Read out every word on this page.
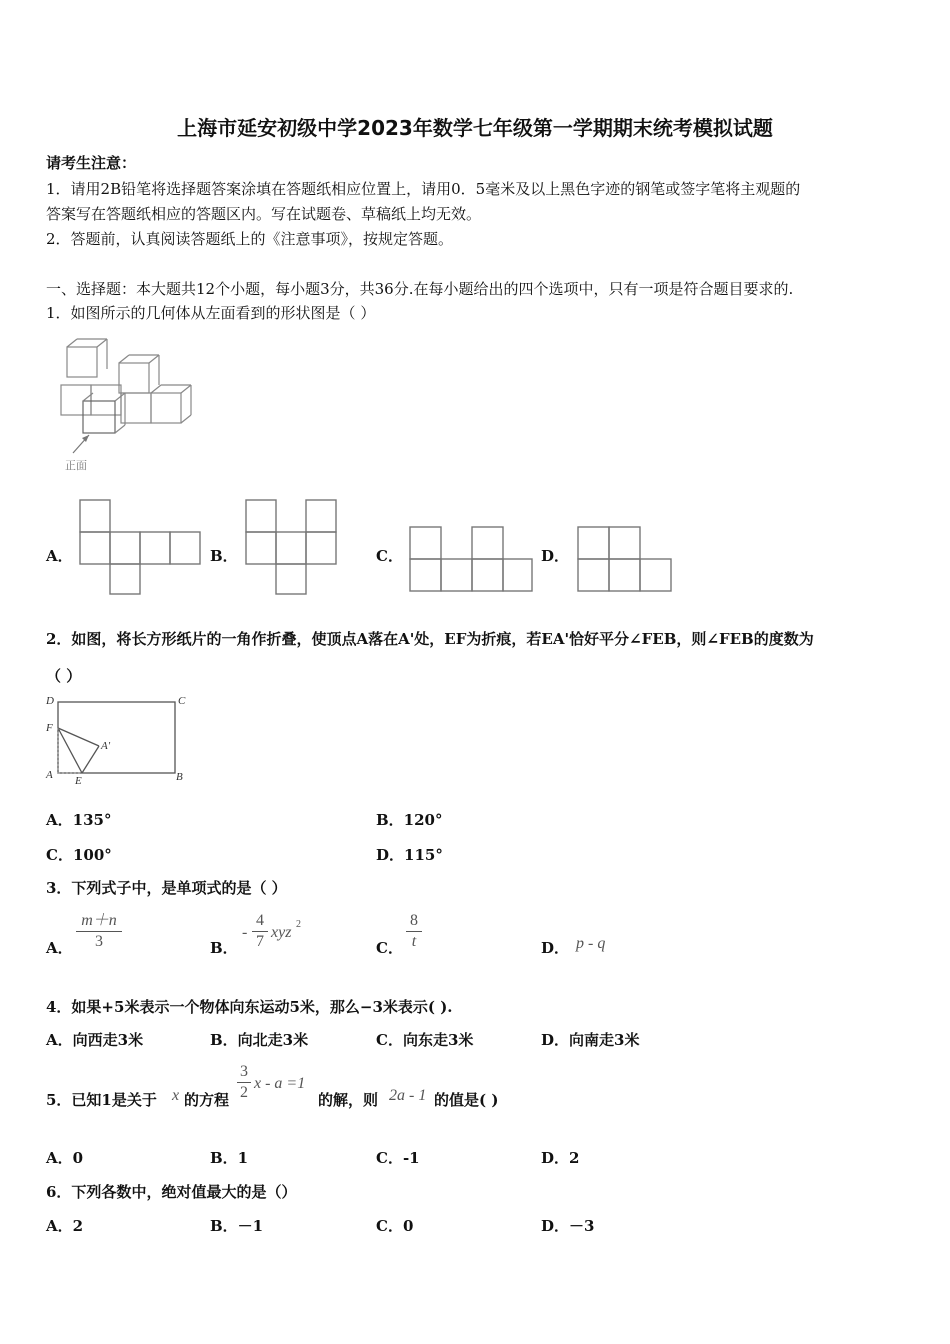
上海市延安初级中学2023年数学七年级第一学期期末统考模拟试题
请考生注意：
1．请用2B铅笔将选择题答案涂填在答题纸相应位置上，请用0．5毫米及以上黑色字迹的钢笔或签字笔将主观题的
答案写在答题纸相应的答题区内。写在试题卷、草稿纸上均无效。
2．答题前，认真阅读答题纸上的《注意事项》，按规定答题。
一、选择题：本大题共12个小题，每小题3分，共36分.在每小题给出的四个选项中，只有一项是符合题目要求的.
1．如图所示的几何体从左面看到的形状图是（ ）
正面
A．	B．	C．	D．
2．如图，将长方形纸片的一角作折叠，使顶点A落在A'处，EF为折痕，若EA'恰好平分∠FEB，则∠FEB的度数为
（ ）
D	C
F
A'
A E	B
A．135°	B．120°
C．100°	D．115°
3．下列式子中，是单项式的是（ ）
A．
m＋n
3	B．
-
4
7
xyz 2
C．
8
t	D． p - q
4．如果+5米表示一个物体向东运动5米，那么−3米表示( ).
A．向西走3米	B．向北走3米	C．向东走3米	D．向南走3米
5．已知1是关于 x 的方程
3
2
x - a =1
的解，则 2a - 1 的值是( )
A．0	B．1	C．-1	D．2
6．下列各数中，绝对值最大的是（）
A．2	B．－1	C．0	D．－3
